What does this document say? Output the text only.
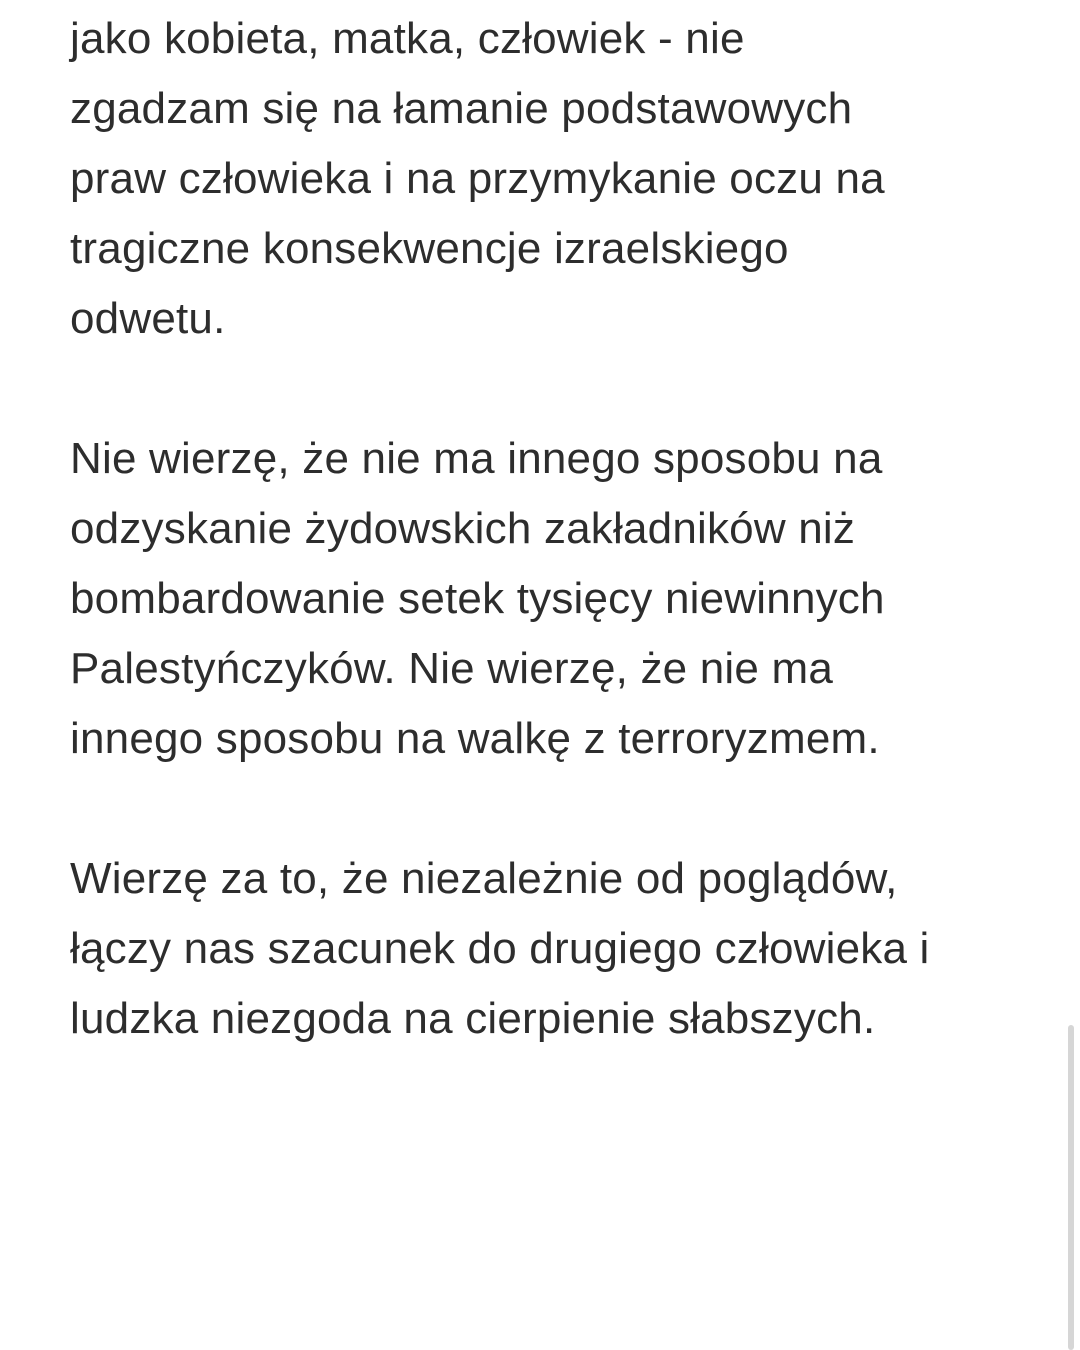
jako kobieta, matka, człowiek - nie
zgadzam się na łamanie podstawowych
praw człowieka i na przymykanie oczu na
tragiczne konsekwencje izraelskiego
odwetu.

Nie wierzę, że nie ma innego sposobu na
odzyskanie żydowskich zakładników niż
bombardowanie setek tysięcy niewinnych
Palestyńczyków. Nie wierzę, że nie ma
innego sposobu na walkę z terroryzmem.

Wierzę za to, że niezależnie od poglądów,
łączy nas szacunek do drugiego człowieka i
ludzka niezgoda na cierpienie słabszych.
